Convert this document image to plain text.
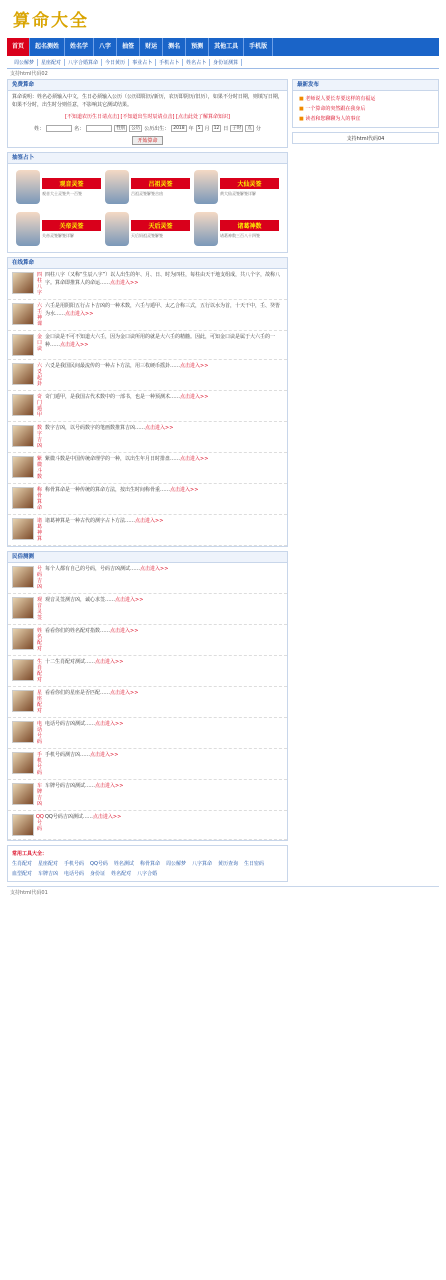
算命大全
首页	起名测姓	姓名学	八字	抽签	财运	测名	预测	其他工具	手机版
周公解梦	星座配对	八字合婚算命	今日黄历	事业占卜	手机占卜	姓名占卜	身份证测算
支持html代码02
免费算命

算命说明：姓名必须输入中文，生日必须输入公历（公历即阳历/新历，农历即阴历/旧历），如果不分时日期，则填写日期，如果不分时，出生时分则任意，不影响其它测试结果。

[不知道农历生日请点击] [不知道出生时辰请点击] [点击此处了解算命知识]

姓：	名：	性别	公历 公历出生： 2018 年 5 月 12 日 子时	点 分
开始算命
抽签占卜
观音灵签
观音大士灵签共一百签
吕祖灵签
吕祖灵签解签吉凶
大仙灵签
黄大仙灵签解签详解
关帝灵签
关帝灵签解签详解
天后灵签
天后妈祖灵签解签
诸葛神数
诸葛神数三百八十四签
在线算命
四柱八字
四柱八字（又称“生辰八字”）以人出生的年、月、日、时为四柱，每柱由天干地支组成，共八个字，故称八字。算命即推算人的命运……点击进入>>
六壬神课
六壬是用阴阳五行占卜吉凶的一种术数，六壬与遁甲、太乙合称三式，五行以水为首，十天干中，壬、癸皆为水……点击进入>>
金口诀
金口诀是不可不知道大六壬，因为金口诀所用的就是大六壬的精髓。因此，可知金口诀是属于大六壬的一种……点击进入>>
六爻起卦
六爻是我国民间最流传的一种占卜方法，用三枚硬币摇卦……点击进入>>
奇门遁甲
奇门遁甲，是我国古代术数中的一部书，也是一种预测术……点击进入>>
数字吉凶
数字吉凶，以号码数字的笔画数推算吉凶……点击进入>>
紫微斗数
紫微斗数是中国传统命理学的一种，以出生年月日时排盘……点击进入>>
称骨算命
称骨算命是一种传统的算命方法，按出生时间称骨重……点击进入>>
诸葛神算
诸葛神算是一种古代的测字占卜方法……点击进入>>
民俗测测
号码吉凶
每个人都有自己的号码，号码吉凶测试……点击进入>>
观音灵签
观音灵签测吉凶，诚心求签……点击进入>>
姓名配对
看看你们的姓名配对指数……点击进入>>
生肖配对
十二生肖配对测试……点击进入>>
星座配对
看看你们的星座是否匹配……点击进入>>
电话号码
电话号码吉凶测试……点击进入>>
手机号码
手机号码测吉凶……点击进入>>
车牌吉凶
车牌号码吉凶测试……点击进入>>
QQ号码
QQ号码吉凶测试……点击进入>>
常用工具大全：
生肖配对 星座配对 手机号码 QQ号码 姓名测试 称骨算命 周公解梦 八字算命 黄历查询 生日密码
血型配对 车牌吉凶 电话号码 身份证 姓名配对 八字合婚
最新发布
■ 老师说人要长寿要这样的有福运
■ 一个算命的突然跟在我身后
■ 读者和您聊聊为人的事宜
支持html代码04
支持html代码01
